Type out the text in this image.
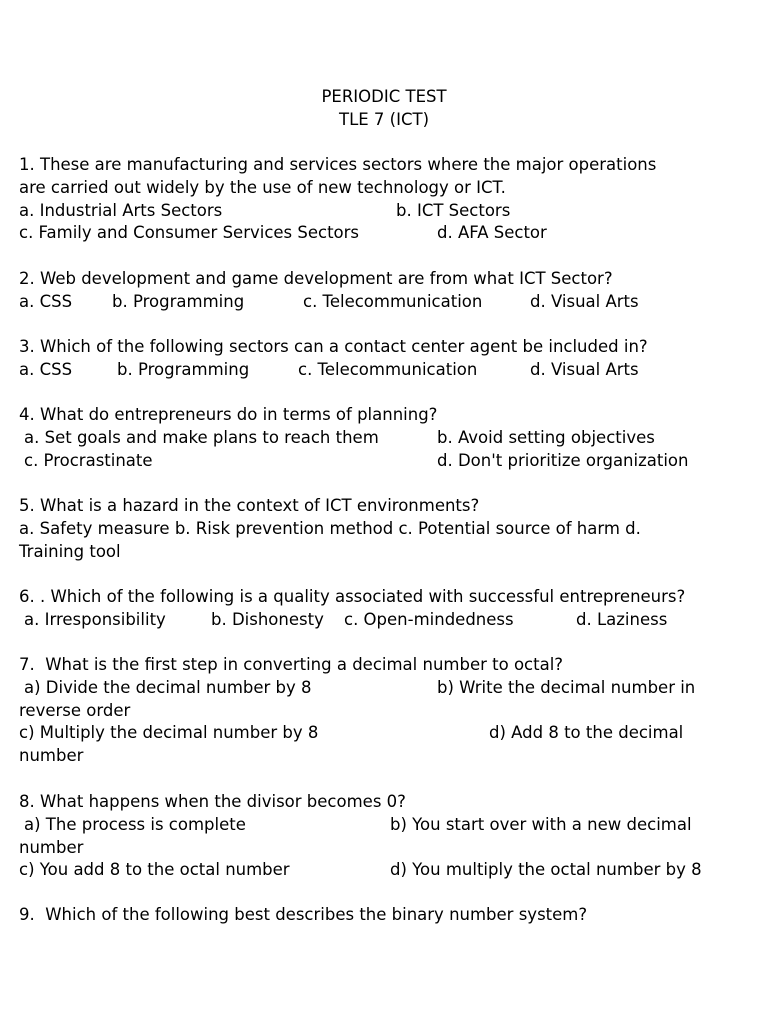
PERIODIC TEST
TLE 7 (ICT)
1. These are manufacturing and services sectors where the major operations
are carried out widely by the use of new technology or ICT.
a. Industrial Arts Sectors	b. ICT Sectors
c. Family and Consumer Services Sectors	d. AFA Sector
2. Web development and game development are from what ICT Sector?
a. CSS b. Programming	c. Telecommunication	d. Visual Arts
3. Which of the following sectors can a contact center agent be included in?
a. CSS	b. Programming	c. Telecommunication	d. Visual Arts
4. What do entrepreneurs do in terms of planning?
a. Set goals and make plans to reach them	b. Avoid setting objectives
c. Procrastinate	d. Don't prioritize organization
5. What is a hazard in the context of ICT environments?
a. Safety measure b. Risk prevention method c. Potential source of harm d.
Training tool
6. . Which of the following is a quality associated with successful entrepreneurs?
a. Irresponsibility	b. Dishonesty c. Open-mindedness	d. Laziness
7.  What is the first step in converting a decimal number to octal?
a) Divide the decimal number by 8	b) Write the decimal number in
reverse order
c) Multiply the decimal number by 8	d) Add 8 to the decimal
number
8. What happens when the divisor becomes 0?
a) The process is complete	b) You start over with a new decimal
number
c) You add 8 to the octal number	d) You multiply the octal number by 8
9.  Which of the following best describes the binary number system?
